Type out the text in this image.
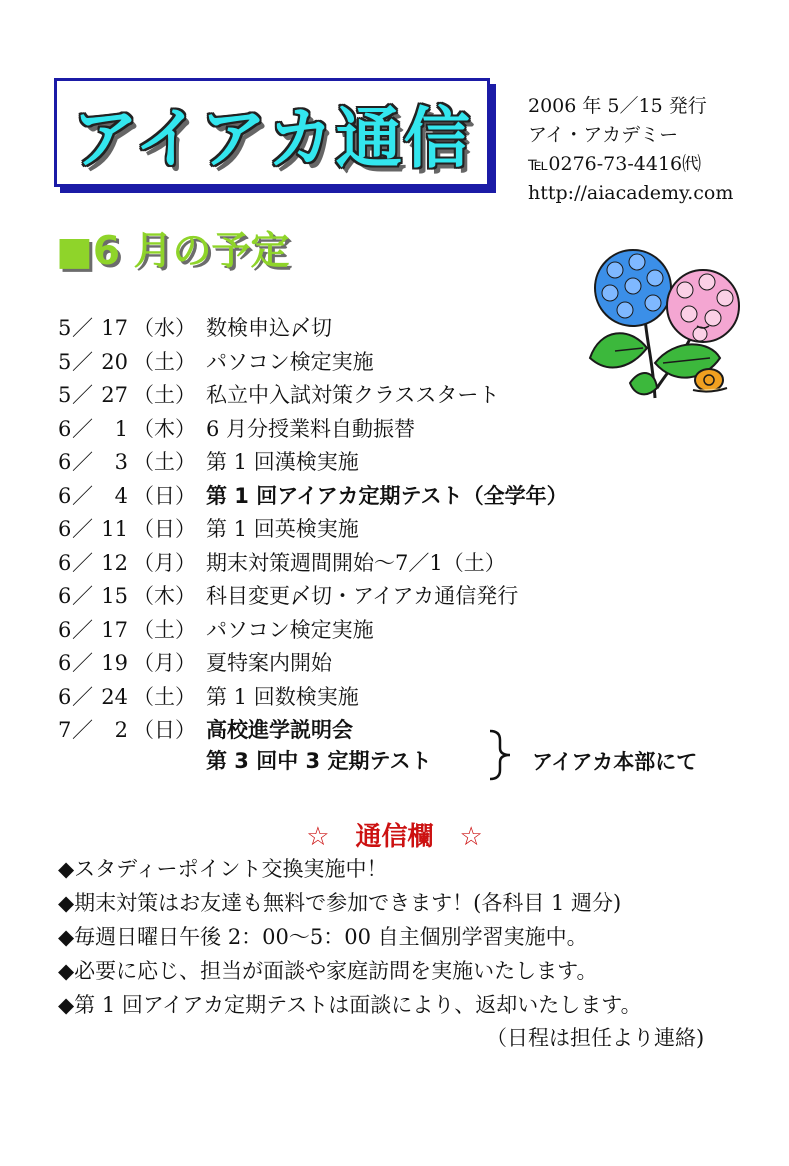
アイアカ通信	2006 年 5／15 発行
アイ・アカデミー
℡0276‐73‐4416㈹
http://aiacademy.com
■6 月の予定
5 ／ 17 （水） 数検申込〆切
5 ／ 20 （土） パソコン検定実施
5 ／ 27 （土） 私立中入試対策クラススタート
6 ／	1 （木） 6 月分授業料自動振替
6 ／	3 （土） 第 1 回漢検実施
6 ／	4 （日） 第 1 回アイアカ定期テスト（全学年）
6 ／ 11 （日） 第 1 回英検実施
6 ／ 12 （月） 期末対策週間開始～7／1（土）
6 ／ 15 （木） 科目変更〆切・アイアカ通信発行
6 ／ 17 （土） パソコン検定実施
6 ／ 19 （月） 夏特案内開始
6 ／ 24 （土） 第 1 回数検実施
7 ／	2 （日） 高校進学説明会
第 3 回中 3 定期テスト	アイアカ本部にて
☆　通信欄　☆
◆スタディーポイント交換実施中！
◆期末対策はお友達も無料で参加できます！(各科目 1 週分)
◆毎週日曜日午後 2：00～5：00 自主個別学習実施中。
◆必要に応じ、担当が面談や家庭訪問を実施いたします。
◆第 1 回アイアカ定期テストは面談により、返却いたします。
（日程は担任より連絡)
